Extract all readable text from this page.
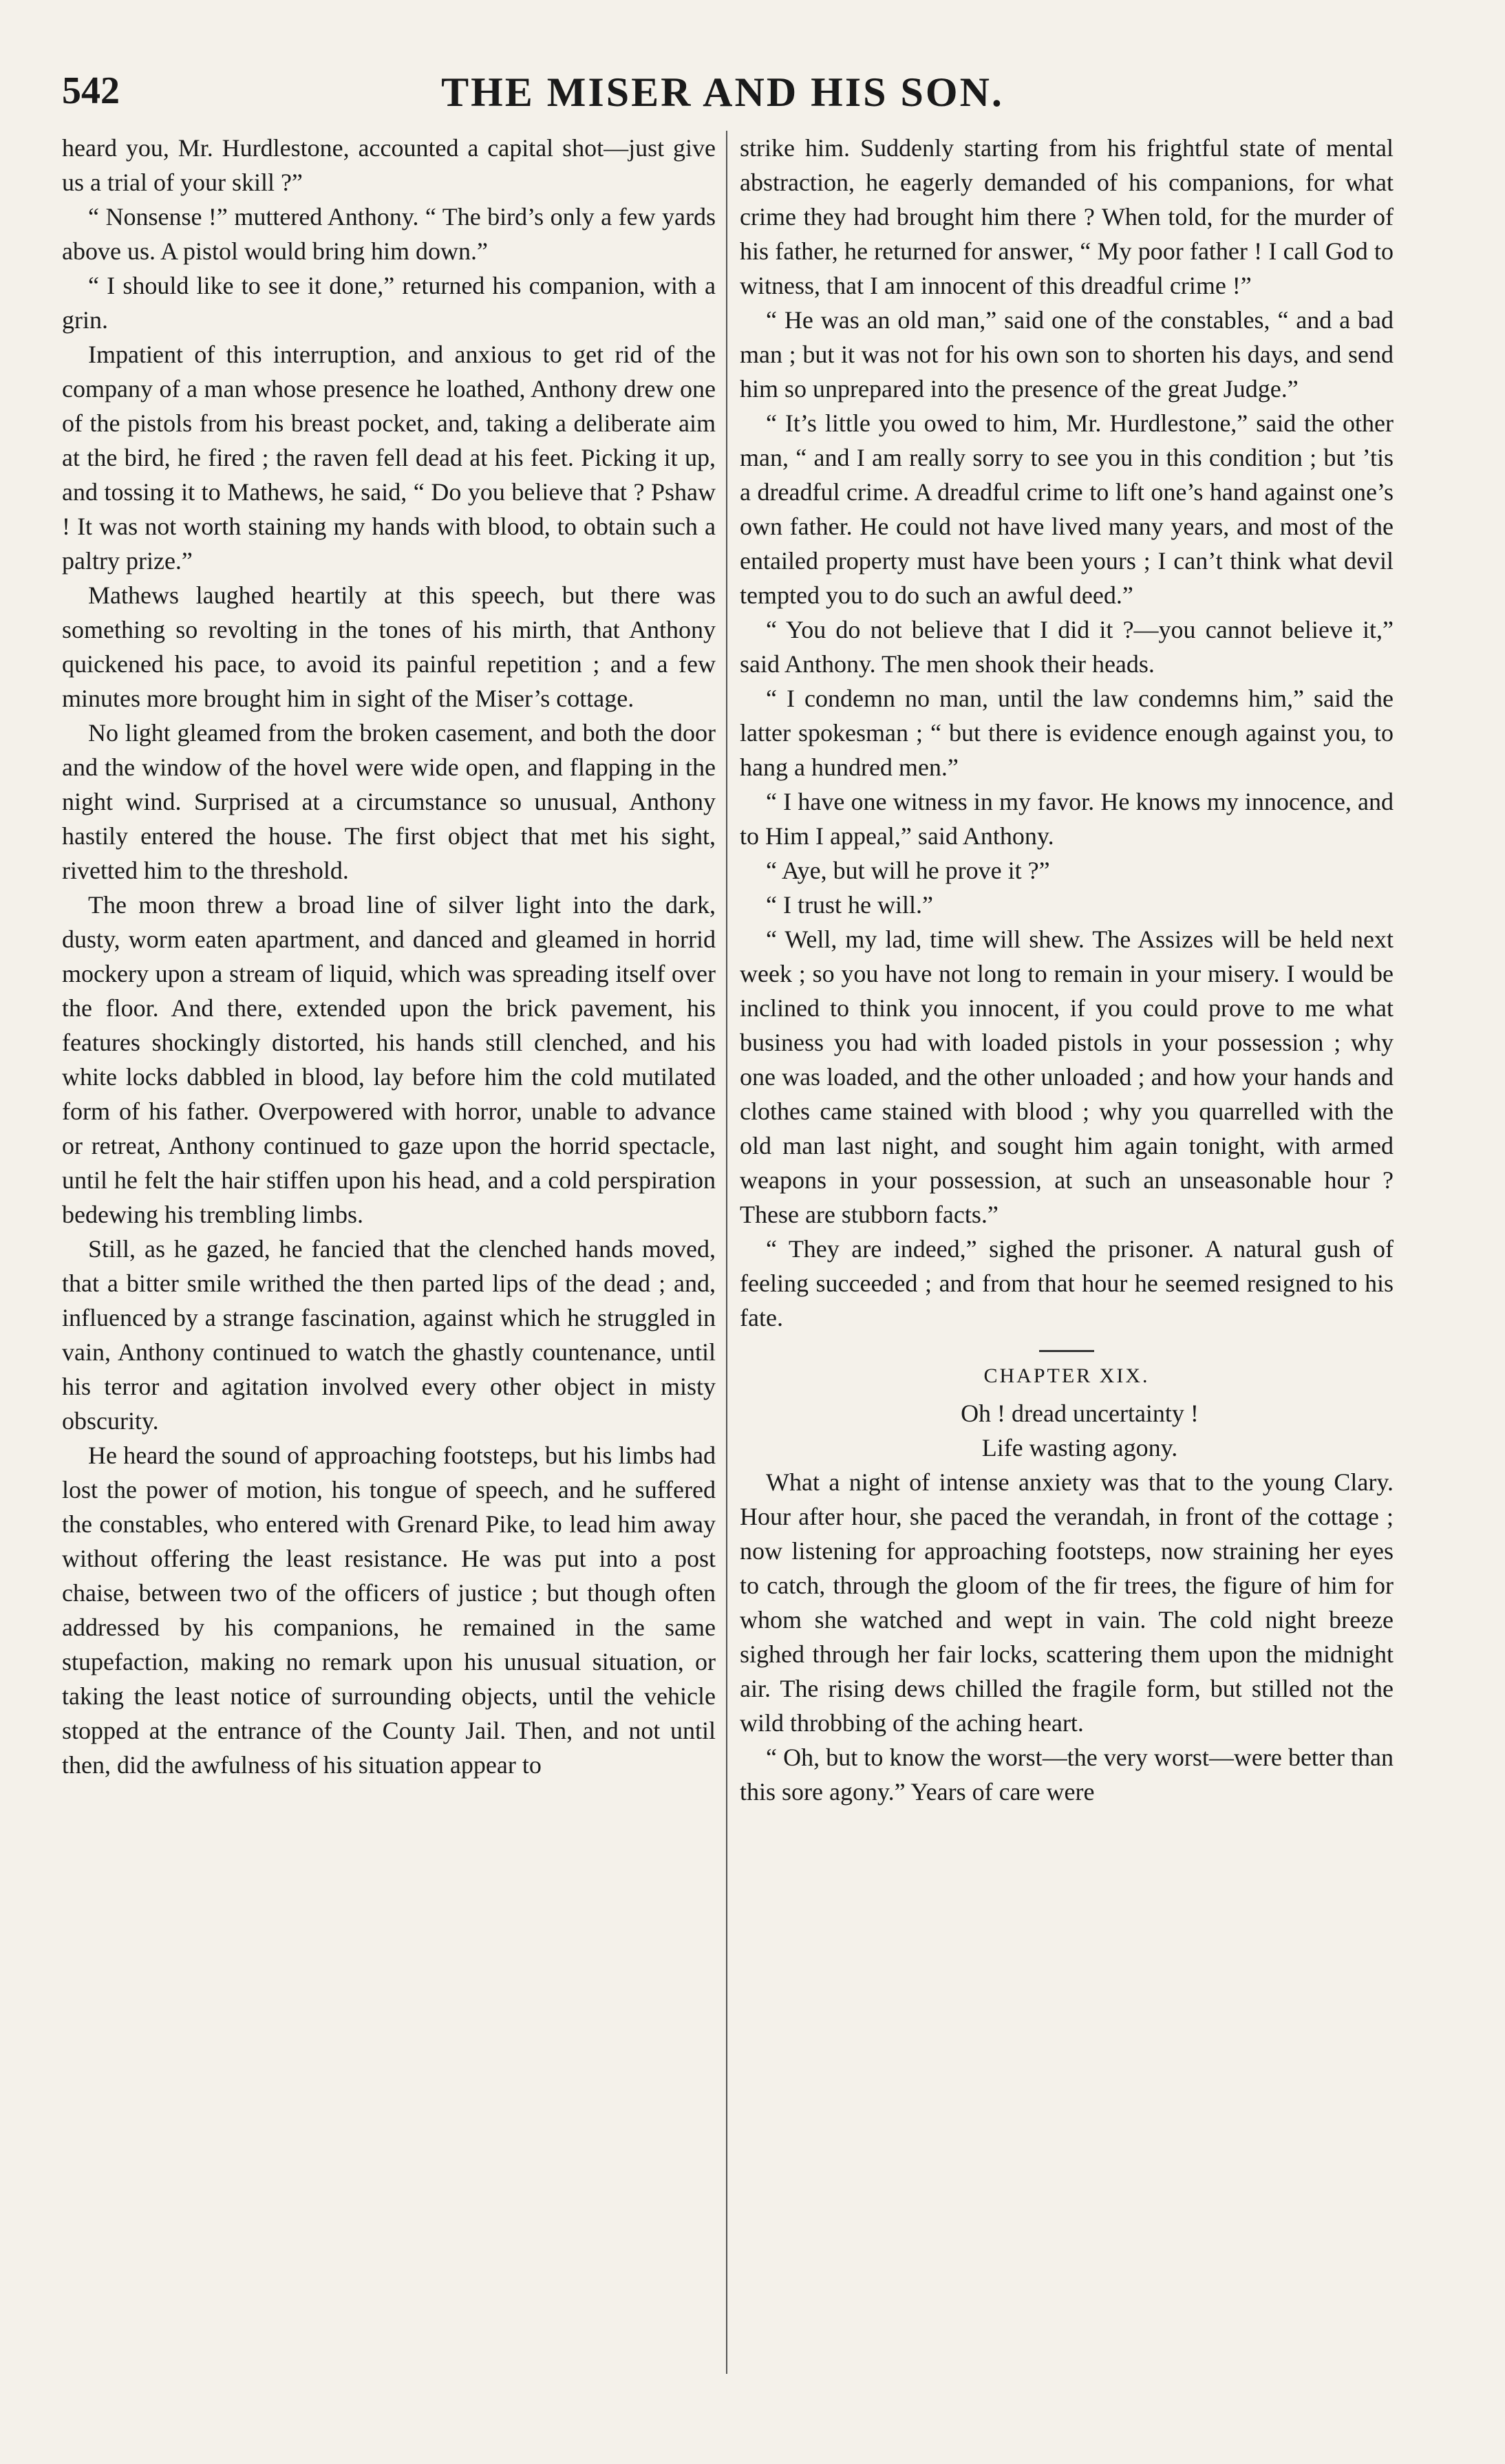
542	THE MISER AND HIS SON.

heard you, Mr. Hurdlestone, accounted a capital shot—just give us a trial of your skill ?”

“ Nonsense !” muttered Anthony. “ The bird’s only a few yards above us. A pistol would bring him down.”

“ I should like to see it done,” returned his companion, with a grin.

Impatient of this interruption, and anxious to get rid of the company of a man whose presence he loathed, Anthony drew one of the pistols from his breast pocket, and, taking a deliberate aim at the bird, he fired ; the raven fell dead at his feet. Picking it up, and tossing it to Mathews, he said, “ Do you believe that ? Pshaw ! It was not worth staining my hands with blood, to obtain such a paltry prize.”

Mathews laughed heartily at this speech, but there was something so revolting in the tones of his mirth, that Anthony quickened his pace, to avoid its painful repetition ; and a few minutes more brought him in sight of the Miser’s cottage.

No light gleamed from the broken casement, and both the door and the window of the hovel were wide open, and flapping in the night wind. Surprised at a circumstance so unusual, Anthony hastily entered the house. The first object that met his sight, rivetted him to the threshold.

The moon threw a broad line of silver light into the dark, dusty, worm eaten apartment, and danced and gleamed in horrid mockery upon a stream of liquid, which was spreading itself over the floor. And there, extended upon the brick pavement, his features shockingly distorted, his hands still clenched, and his white locks dabbled in blood, lay before him the cold mutilated form of his father. Overpowered with horror, unable to advance or retreat, Anthony continued to gaze upon the horrid spectacle, until he felt the hair stiffen upon his head, and a cold perspiration bedewing his trembling limbs.

Still, as he gazed, he fancied that the clenched hands moved, that a bitter smile writhed the then parted lips of the dead ; and, influenced by a strange fascination, against which he struggled in vain, Anthony continued to watch the ghastly countenance, until his terror and agitation involved every other object in misty obscurity.

He heard the sound of approaching footsteps, but his limbs had lost the power of motion, his tongue of speech, and he suffered the constables, who entered with Grenard Pike, to lead him away without offering the least resistance. He was put into a post chaise, between two of the officers of justice ; but though often addressed by his companions, he remained in the same stupefaction, making no remark upon his unusual situation, or taking the least notice of surrounding objects, until the vehicle stopped at the entrance of the County Jail. Then, and not until then, did the awfulness of his situation appear to

strike him. Suddenly starting from his frightful state of mental abstraction, he eagerly demanded of his companions, for what crime they had brought him there ? When told, for the murder of his father, he returned for answer, “ My poor father ! I call God to witness, that I am innocent of this dreadful crime !”

“ He was an old man,” said one of the constables, “ and a bad man ; but it was not for his own son to shorten his days, and send him so unprepared into the presence of the great Judge.”

“ It’s little you owed to him, Mr. Hurdlestone,” said the other man, “ and I am really sorry to see you in this condition ; but ’tis a dreadful crime. A dreadful crime to lift one’s hand against one’s own father. He could not have lived many years, and most of the entailed property must have been yours ; I can’t think what devil tempted you to do such an awful deed.”

“ You do not believe that I did it ?—you cannot believe it,” said Anthony. The men shook their heads.

“ I condemn no man, until the law condemns him,” said the latter spokesman ; “ but there is evidence enough against you, to hang a hundred men.”

“ I have one witness in my favor. He knows my innocence, and to Him I appeal,” said Anthony.

“ Aye, but will he prove it ?”

“ I trust he will.”

“ Well, my lad, time will shew. The Assizes will be held next week ; so you have not long to remain in your misery. I would be inclined to think you innocent, if you could prove to me what business you had with loaded pistols in your possession ; why one was loaded, and the other unloaded ; and how your hands and clothes came stained with blood ; why you quarrelled with the old man last night, and sought him again tonight, with armed weapons in your possession, at such an unseasonable hour ? These are stubborn facts.”

“ They are indeed,” sighed the prisoner. A natural gush of feeling succeeded ; and from that hour he seemed resigned to his fate.

CHAPTER XIX.

Oh ! dread uncertainty !

Life wasting agony.

What a night of intense anxiety was that to the young Clary. Hour after hour, she paced the verandah, in front of the cottage ; now listening for approaching footsteps, now straining her eyes to catch, through the gloom of the fir trees, the figure of him for whom she watched and wept in vain. The cold night breeze sighed through her fair locks, scattering them upon the midnight air. The rising dews chilled the fragile form, but stilled not the wild throbbing of the aching heart.

“ Oh, but to know the worst—the very worst—were better than this sore agony.” Years of care were
